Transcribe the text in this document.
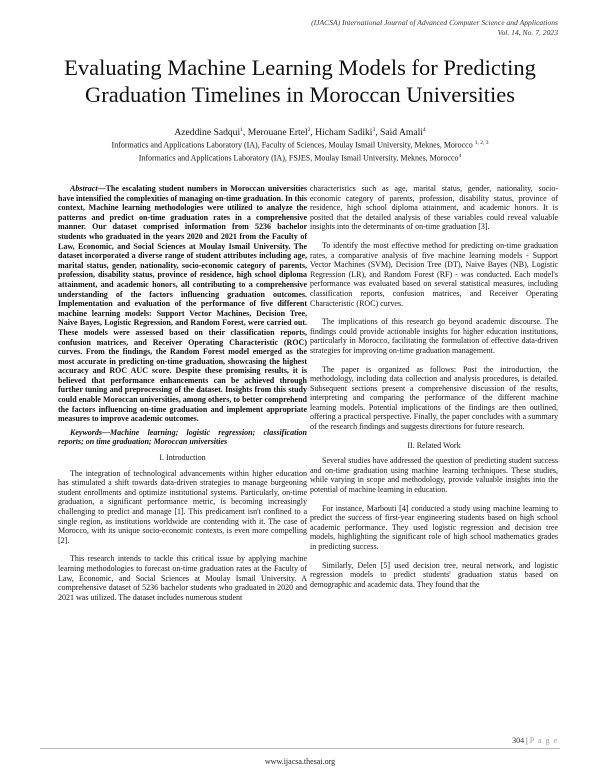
(IJACSA) International Journal of Advanced Computer Science and Applications
Vol. 14, No. 7, 2023
Evaluating Machine Learning Models for Predicting
Graduation Timelines in Moroccan Universities
Azeddine Sadqui$^1$, Merouane Ertel$^2$, Hicham Sadiki$^3$, Said Amali$^4$
Informatics and Applications Laboratory (IA), Faculty of Sciences, Moulay Ismail University, Meknes, Morocco $^{1, 2, 3}$
Informatics and Applications Laboratory (IA), FSJES, Moulay Ismail University, Meknes, Morocco$^4$

Abstract—The escalating student numbers in Moroccan universities have intensified the complexities of managing on-time graduation. In this context, Machine learning methodologies were utilized to analyze the patterns and predict on-time graduation rates in a comprehensive manner. Our dataset comprised information from 5236 bachelor students who graduated in the years 2020 and 2021 from the Faculty of Law, Economic, and Social Sciences at Moulay Ismail University. The dataset incorporated a diverse range of student attributes including age, marital status, gender, nationality, socio-economic category of parents, profession, disability status, province of residence, high school diploma attainment, and academic honors, all contributing to a comprehensive understanding of the factors influencing graduation outcomes. Implementation and evaluation of the performance of five different machine learning models: Support Vector Machines, Decision Tree, Naive Bayes, Logistic Regression, and Random Forest, were carried out. These models were assessed based on their classification reports, confusion matrices, and Receiver Operating Characteristic (ROC) curves. From the findings, the Random Forest model emerged as the most accurate in predicting on-time graduation, showcasing the highest accuracy and ROC AUC score. Despite these promising results, it is believed that performance enhancements can be achieved through further tuning and preprocessing of the dataset. Insights from this study could enable Moroccan universities, among others, to better comprehend the factors influencing on-time graduation and implement appropriate measures to improve academic outcomes.

Keywords—Machine learning; logistic regression; classification reports; on time graduation; Moroccan universities

I. Introduction

The integration of technological advancements within higher education has stimulated a shift towards data-driven strategies to manage burgeoning student enrollments and optimize institutional systems. Particularly, on-time graduation, a significant performance metric, is becoming increasingly challenging to predict and manage [1]. This predicament isn't confined to a single region, as institutions worldwide are contending with it. The case of Morocco, with its unique socio-economic contexts, is even more compelling [2].

This research intends to tackle this critical issue by applying machine learning methodologies to forecast on-time graduation rates at the Faculty of Law, Economic, and Social Sciences at Moulay Ismail University. A comprehensive dataset of 5236 bachelor students who graduated in 2020 and 2021 was utilized. The dataset includes numerous student

characteristics such as age, marital status, gender, nationality, socio-economic category of parents, profession, disability status, province of residence, high school diploma attainment, and academic honors. It is posited that the detailed analysis of these variables could reveal valuable insights into the determinants of on-time graduation [3].

To identify the most effective method for predicting on-time graduation rates, a comparative analysis of five machine learning models - Support Vector Machines (SVM), Decision Tree (DT), Naive Bayes (NB), Logistic Regression (LR), and Random Forest (RF) - was conducted. Each model's performance was evaluated based on several statistical measures, including classification reports, confusion matrices, and Receiver Operating Characteristic (ROC) curves.

The implications of this research go beyond academic discourse. The findings could provide actionable insights for higher education institutions, particularly in Morocco, facilitating the formulation of effective data-driven strategies for improving on-time graduation management.

The paper is organized as follows: Post the introduction, the methodology, including data collection and analysis procedures, is detailed. Subsequent sections present a comprehensive discussion of the results, interpreting and comparing the performance of the different machine learning models. Potential implications of the findings are then outlined, offering a practical perspective. Finally, the paper concludes with a summary of the research findings and suggests directions for future research.

II. Related Work

Several studies have addressed the question of predicting student success and on-time graduation using machine learning techniques. These studies, while varying in scope and methodology, provide valuable insights into the potential of machine learning in education.

For instance, Marbouti [4] conducted a study using machine learning to predict the success of first-year engineering students based on high school academic performance. They used logistic regression and decision tree models, highlighting the significant role of high school mathematics grades in predicting success.

Similarly, Delen [5] used decision tree, neural network, and logistic regression models to predict students' graduation status based on demographic and academic data. They found that the

304 | P a g e
www.ijacsa.thesai.org
